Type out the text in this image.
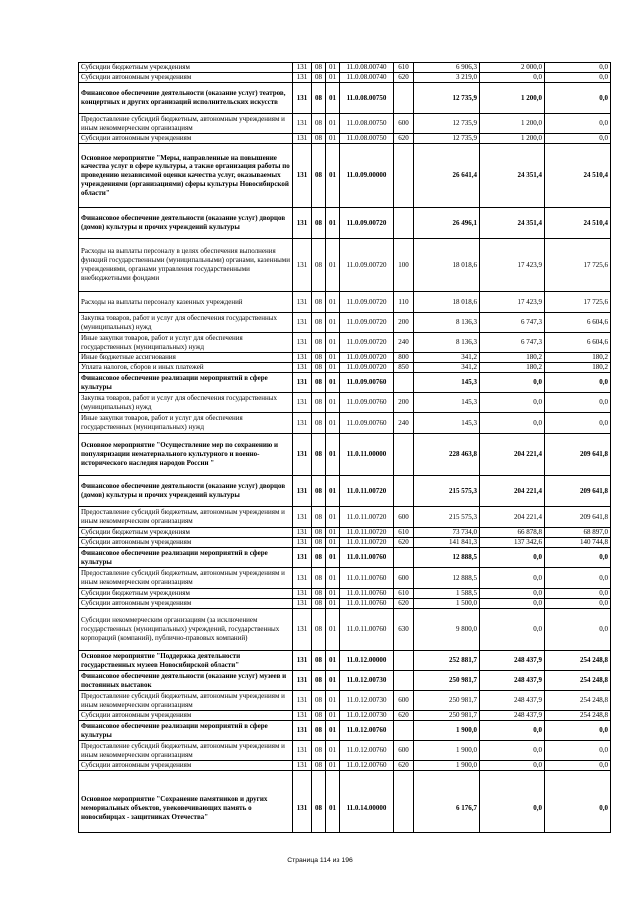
Субсидии бюджетным учреждениям	131	08	01	11.0.08.00740	610	6 906,3	2 000,0	0,0
Субсидии автономным учреждениям	131	08	01	11.0.08.00740	620	3 219,0	0,0	0,0
Финансовое обеспечение деятельности (оказание услуг) театров, концертных и других организаций исполнительских искусств	131	08	01	11.0.08.00750		12 735,9	1 200,0	0,0
Предоставление субсидий бюджетным, автономным учреждениям и иным некоммерческим организациям	131	08	01	11.0.08.00750	600	12 735,9	1 200,0	0,0
Субсидии автономным учреждениям	131	08	01	11.0.08.00750	620	12 735,9	1 200,0	0,0
Основное мероприятие "Меры, направленные на повышение качества услуг в сфере культуры, а также организация работы по проведению независимой оценки качества услуг, оказываемых учреждениями (организациями) сферы культуры Новосибирской области"	131	08	01	11.0.09.00000		26 641,4	24 351,4	24 510,4
Финансовое обеспечение деятельности (оказание услуг) дворцов (домов) культуры и прочих учреждений культуры	131	08	01	11.0.09.00720		26 496,1	24 351,4	24 510,4
Расходы на выплаты персоналу в целях обеспечения выполнения функций государственными (муниципальными) органами, казенными учреждениями, органами управления государственными внебюджетными фондами	131	08	01	11.0.09.00720	100	18 018,6	17 423,9	17 725,6
Расходы на выплаты персоналу казенных учреждений	131	08	01	11.0.09.00720	110	18 018,6	17 423,9	17 725,6
Закупка товаров, работ и услуг для обеспечения государственных (муниципальных) нужд	131	08	01	11.0.09.00720	200	8 136,3	6 747,3	6 604,6
Иные закупки товаров, работ и услуг для обеспечения государственных (муниципальных) нужд	131	08	01	11.0.09.00720	240	8 136,3	6 747,3	6 604,6
Иные бюджетные ассигнования	131	08	01	11.0.09.00720	800	341,2	180,2	180,2
Уплата налогов, сборов и иных платежей	131	08	01	11.0.09.00720	850	341,2	180,2	180,2
Финансовое обеспечение реализации мероприятий в сфере культуры	131	08	01	11.0.09.00760		145,3	0,0	0,0
Закупка товаров, работ и услуг для обеспечения государственных (муниципальных) нужд	131	08	01	11.0.09.00760	200	145,3	0,0	0,0
Иные закупки товаров, работ и услуг для обеспечения государственных (муниципальных) нужд	131	08	01	11.0.09.00760	240	145,3	0,0	0,0
Основное мероприятие "Осуществление мер по сохранению и популяризации нематериального культурного и военно-исторического наследия народов России "	131	08	01	11.0.11.00000		228 463,8	204 221,4	209 641,8
Финансовое обеспечение деятельности (оказание услуг) дворцов (домов) культуры и прочих учреждений культуры	131	08	01	11.0.11.00720		215 575,3	204 221,4	209 641,8
Предоставление субсидий бюджетным, автономным учреждениям и иным некоммерческим организациям	131	08	01	11.0.11.00720	600	215 575,3	204 221,4	209 641,8
Субсидии бюджетным учреждениям	131	08	01	11.0.11.00720	610	73 734,0	66 878,8	68 897,0
Субсидии автономным учреждениям	131	08	01	11.0.11.00720	620	141 841,3	137 342,6	140 744,8
Финансовое обеспечение реализации мероприятий в сфере культуры	131	08	01	11.0.11.00760		12 888,5	0,0	0,0
Предоставление субсидий бюджетным, автономным учреждениям и иным некоммерческим организациям	131	08	01	11.0.11.00760	600	12 888,5	0,0	0,0
Субсидии бюджетным учреждениям	131	08	01	11.0.11.00760	610	1 588,5	0,0	0,0
Субсидии автономным учреждениям	131	08	01	11.0.11.00760	620	1 500,0	0,0	0,0
Субсидии некоммерческим организациям (за исключением государственных (муниципальных) учреждений, государственных корпораций (компаний), публично-правовых компаний)	131	08	01	11.0.11.00760	630	9 800,0	0,0	0,0
Основное мероприятие "Поддержка деятельности государственных музеев Новосибирской области"	131	08	01	11.0.12.00000		252 881,7	248 437,9	254 248,8
Финансовое обеспечение деятельности (оказание услуг) музеев и постоянных выставок	131	08	01	11.0.12.00730		250 981,7	248 437,9	254 248,8
Предоставление субсидий бюджетным, автономным учреждениям и иным некоммерческим организациям	131	08	01	11.0.12.00730	600	250 981,7	248 437,9	254 248,8
Субсидии автономным учреждениям	131	08	01	11.0.12.00730	620	250 981,7	248 437,9	254 248,8
Финансовое обеспечение реализации мероприятий в сфере культуры	131	08	01	11.0.12.00760		1 900,0	0,0	0,0
Предоставление субсидий бюджетным, автономным учреждениям и иным некоммерческим организациям	131	08	01	11.0.12.00760	600	1 900,0	0,0	0,0
Субсидии автономным учреждениям	131	08	01	11.0.12.00760	620	1 900,0	0,0	0,0
Основное мероприятие "Сохранение памятников и других мемориальных объектов, увековечивающих память о новосибирцах - защитниках Отечества"	131	08	01	11.0.14.00000		6 176,7	0,0	0,0
Страница 114 из 196
